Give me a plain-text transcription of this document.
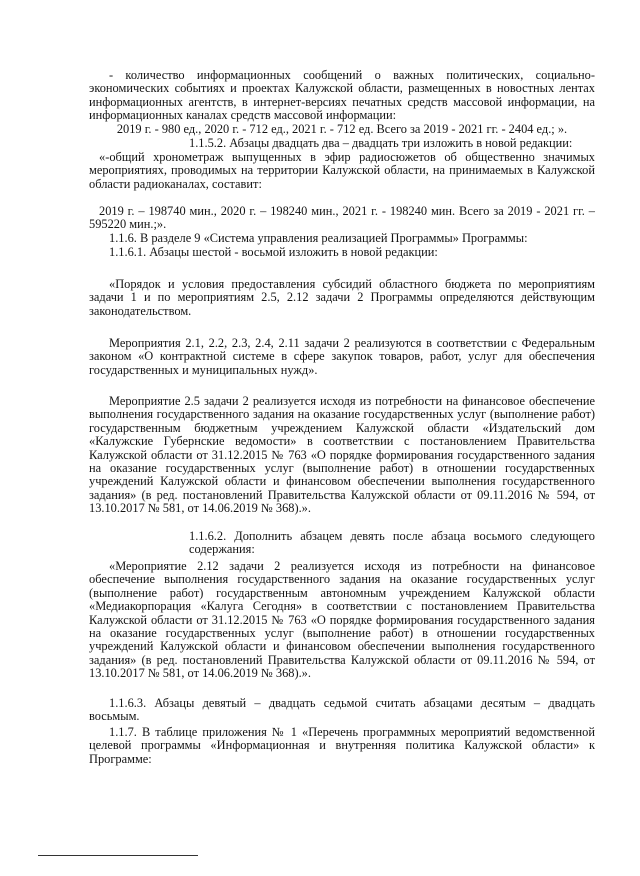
- количество информационных сообщений о важных политических, социально-экономических событиях и проектах Калужской области, размещенных в новостных лентах информационных агентств, в интернет-версиях печатных средств массовой информации, на информационных каналах средств массовой информации:

2019 г. - 980 ед., 2020 г. - 712 ед., 2021 г. - 712 ед. Всего за 2019 - 2021 гг. - 2404 ед.; ».

1.1.5.2. Абзацы двадцать два – двадцать три изложить в новой редакции:

«-общий хронометраж выпущенных в эфир радиосюжетов об общественно значимых мероприятиях, проводимых на территории Калужской области, на принимаемых в Калужской области радиоканалах, составит:

2019 г. – 198740 мин., 2020 г. – 198240 мин., 2021 г. - 198240 мин. Всего за 2019 - 2021 гг. – 595220 мин.;».

1.1.6. В разделе 9 «Система управления реализацией Программы» Программы:

1.1.6.1. Абзацы шестой - восьмой изложить в новой редакции:

«Порядок и условия предоставления субсидий областного бюджета по мероприятиям задачи 1 и по мероприятиям 2.5, 2.12 задачи 2 Программы определяются действующим законодательством.

Мероприятия 2.1, 2.2, 2.3, 2.4, 2.11 задачи 2 реализуются в соответствии с Федеральным законом «О контрактной системе в сфере закупок товаров, работ, услуг для обеспечения государственных и муниципальных нужд».

Мероприятие 2.5 задачи 2 реализуется исходя из потребности на финансовое обеспечение выполнения государственного задания на оказание государственных услуг (выполнение работ) государственным бюджетным учреждением Калужской области «Издательский дом «Калужские Губернские ведомости» в соответствии с постановлением Правительства Калужской области от 31.12.2015 № 763 «О порядке формирования государственного задания на оказание государственных услуг (выполнение работ) в отношении государственных учреждений Калужской области и финансовом обеспечении выполнения государственного задания» (в ред. постановлений Правительства Калужской области от 09.11.2016 № 594, от 13.10.2017 № 581, от 14.06.2019 № 368).».

1.1.6.2. Дополнить абзацем девять после абзаца восьмого следующего содержания:

«Мероприятие 2.12 задачи 2 реализуется исходя из потребности на финансовое обеспечение выполнения государственного задания на оказание государственных услуг (выполнение работ) государственным автономным учреждением Калужской области «Медиакорпорация «Калуга Сегодня» в соответствии с постановлением Правительства Калужской области от 31.12.2015 № 763 «О порядке формирования государственного задания на оказание государственных услуг (выполнение работ) в отношении государственных учреждений Калужской области и финансовом обеспечении выполнения государственного задания» (в ред. постановлений Правительства Калужской области от 09.11.2016 № 594, от 13.10.2017 № 581, от 14.06.2019 № 368).».

1.1.6.3. Абзацы девятый – двадцать седьмой считать абзацами десятым – двадцать восьмым.

1.1.7. В таблице приложения № 1 «Перечень программных мероприятий ведомственной целевой программы «Информационная и внутренняя политика Калужской области» к Программе:
